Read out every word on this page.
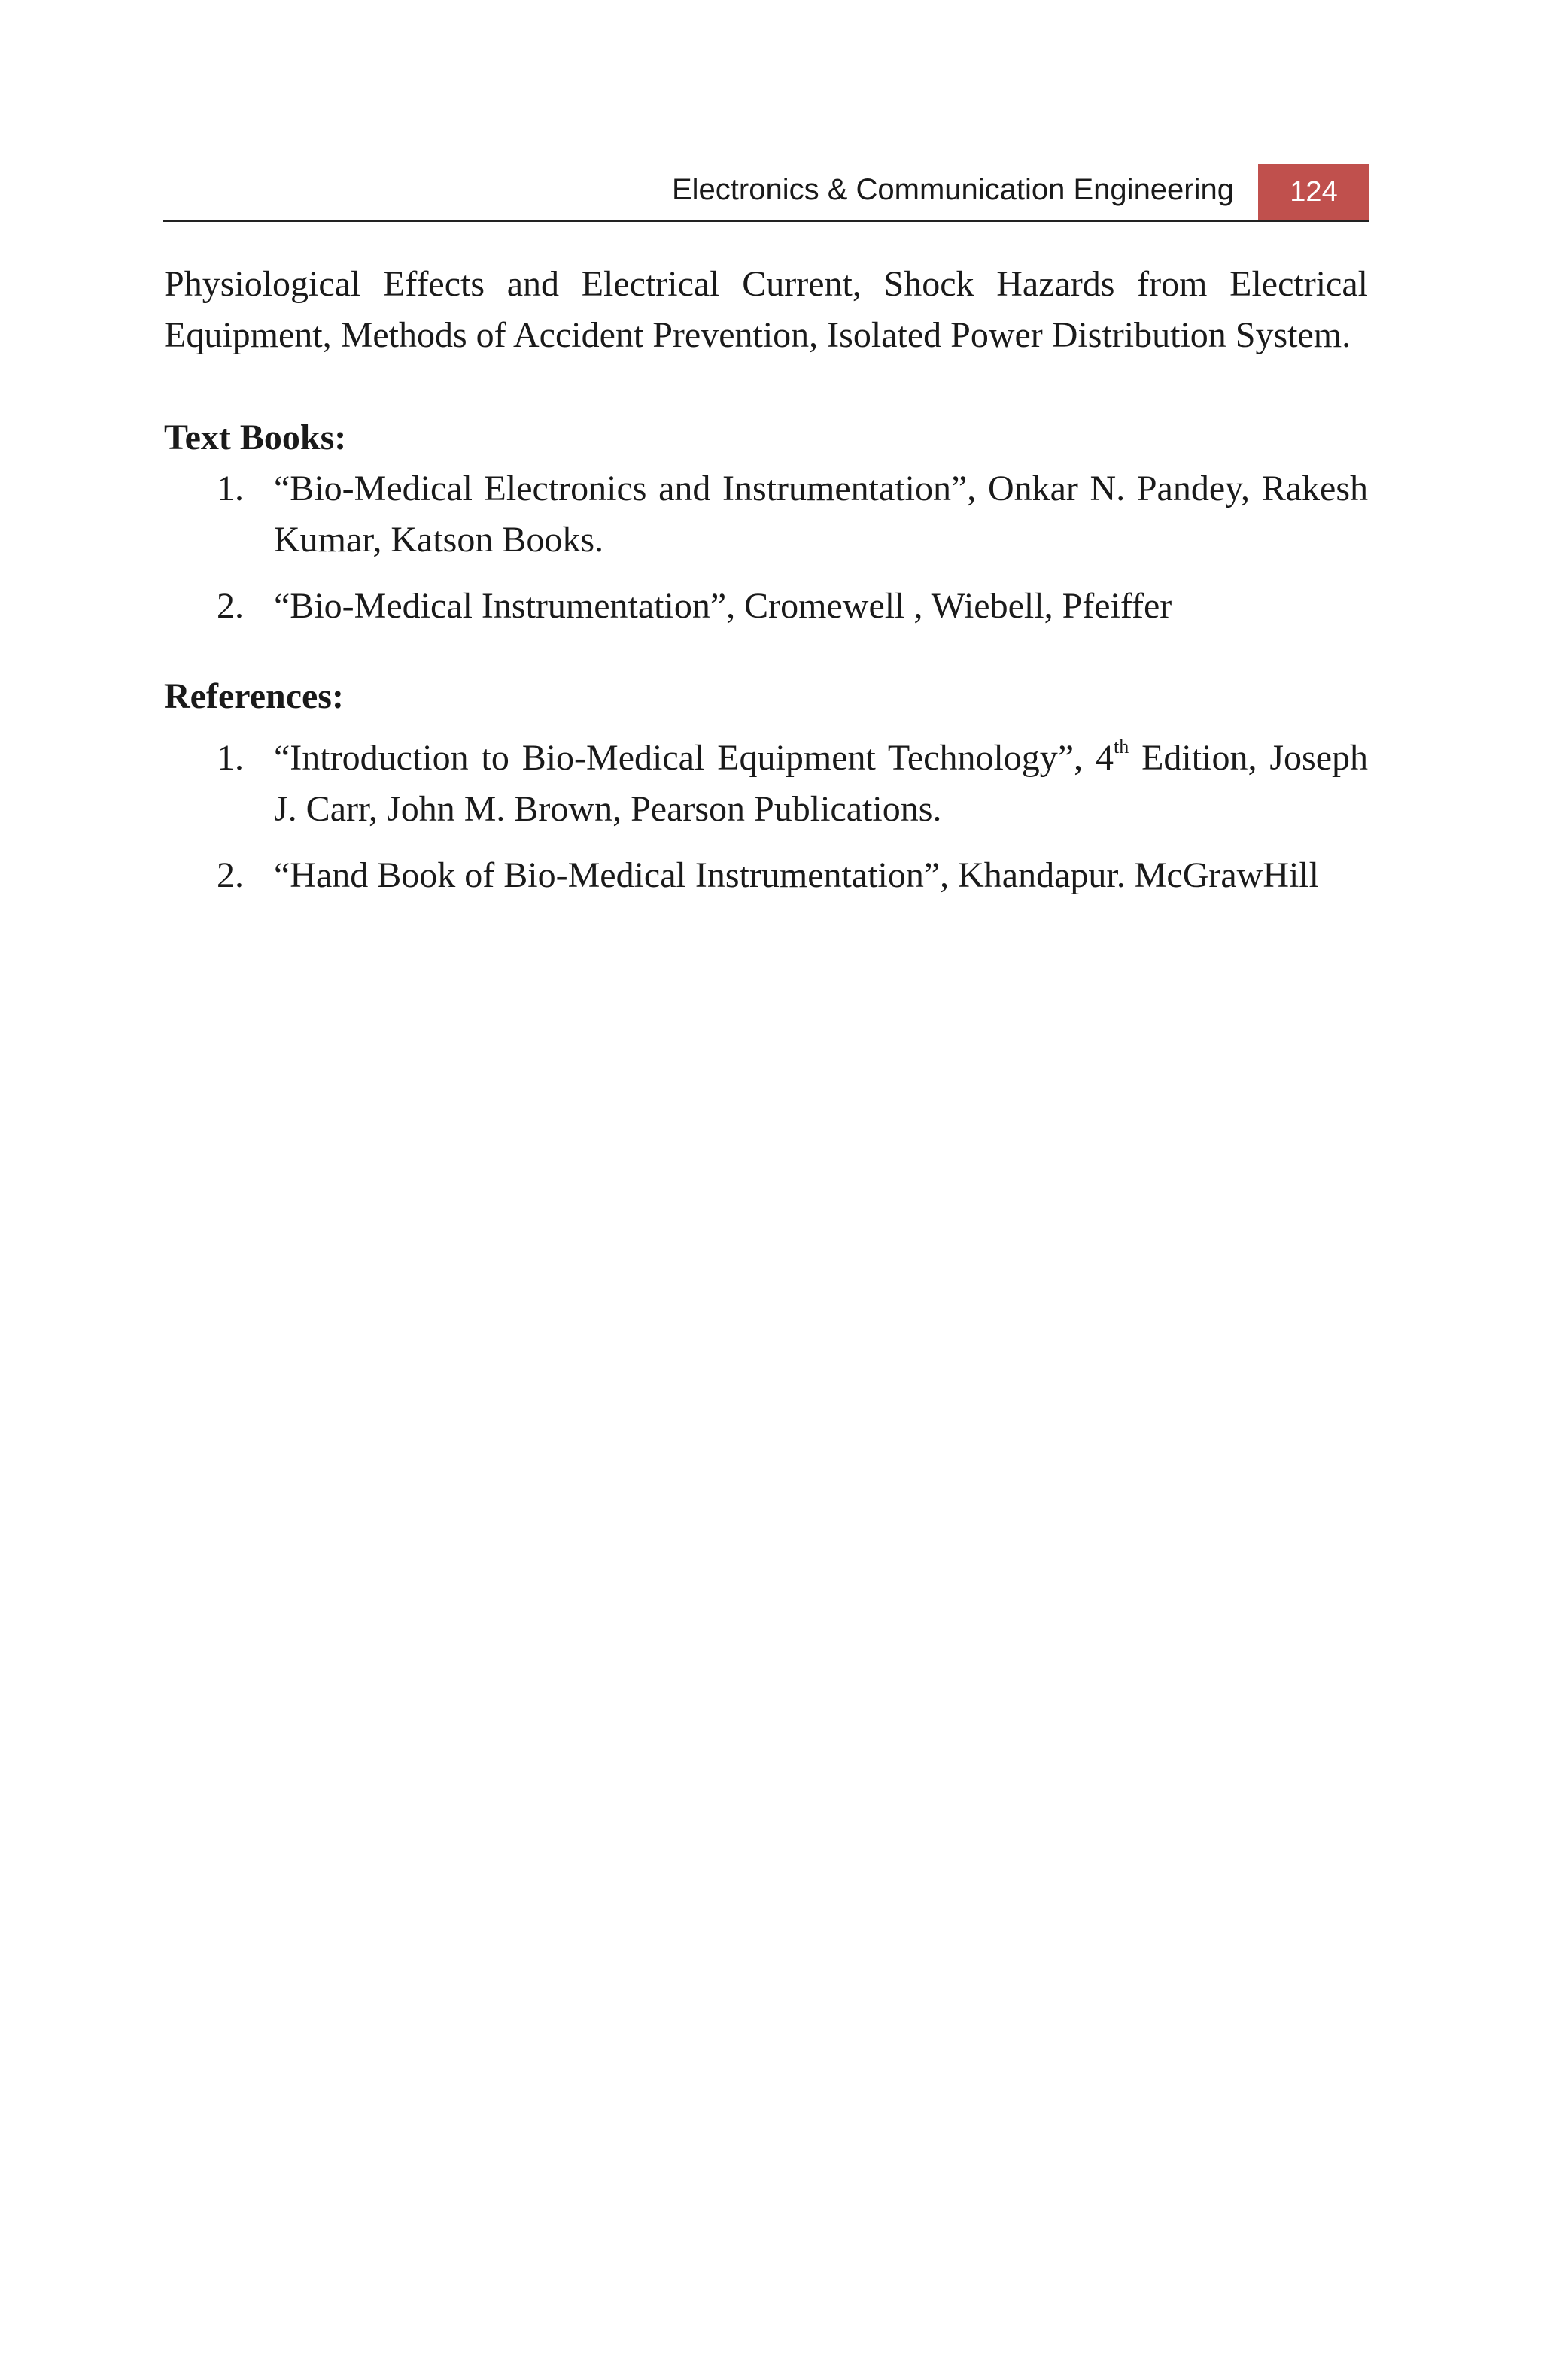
Electronics & Communication Engineering	124

Physiological Effects and Electrical Current, Shock Hazards from Electrical Equipment, Methods of Accident Prevention, Isolated Power Distribution System.

Text Books:

1. “Bio-Medical Electronics and Instrumentation”, Onkar N. Pandey, Rakesh Kumar, Katson Books.
2. “Bio-Medical Instrumentation”, Cromewell , Wiebell, Pfeiffer

References:

1. “Introduction to Bio-Medical Equipment Technology”, 4th Edition, Joseph J. Carr, John M. Brown, Pearson Publications.
2. “Hand Book of Bio-Medical Instrumentation”, Khandapur. McGrawHill
